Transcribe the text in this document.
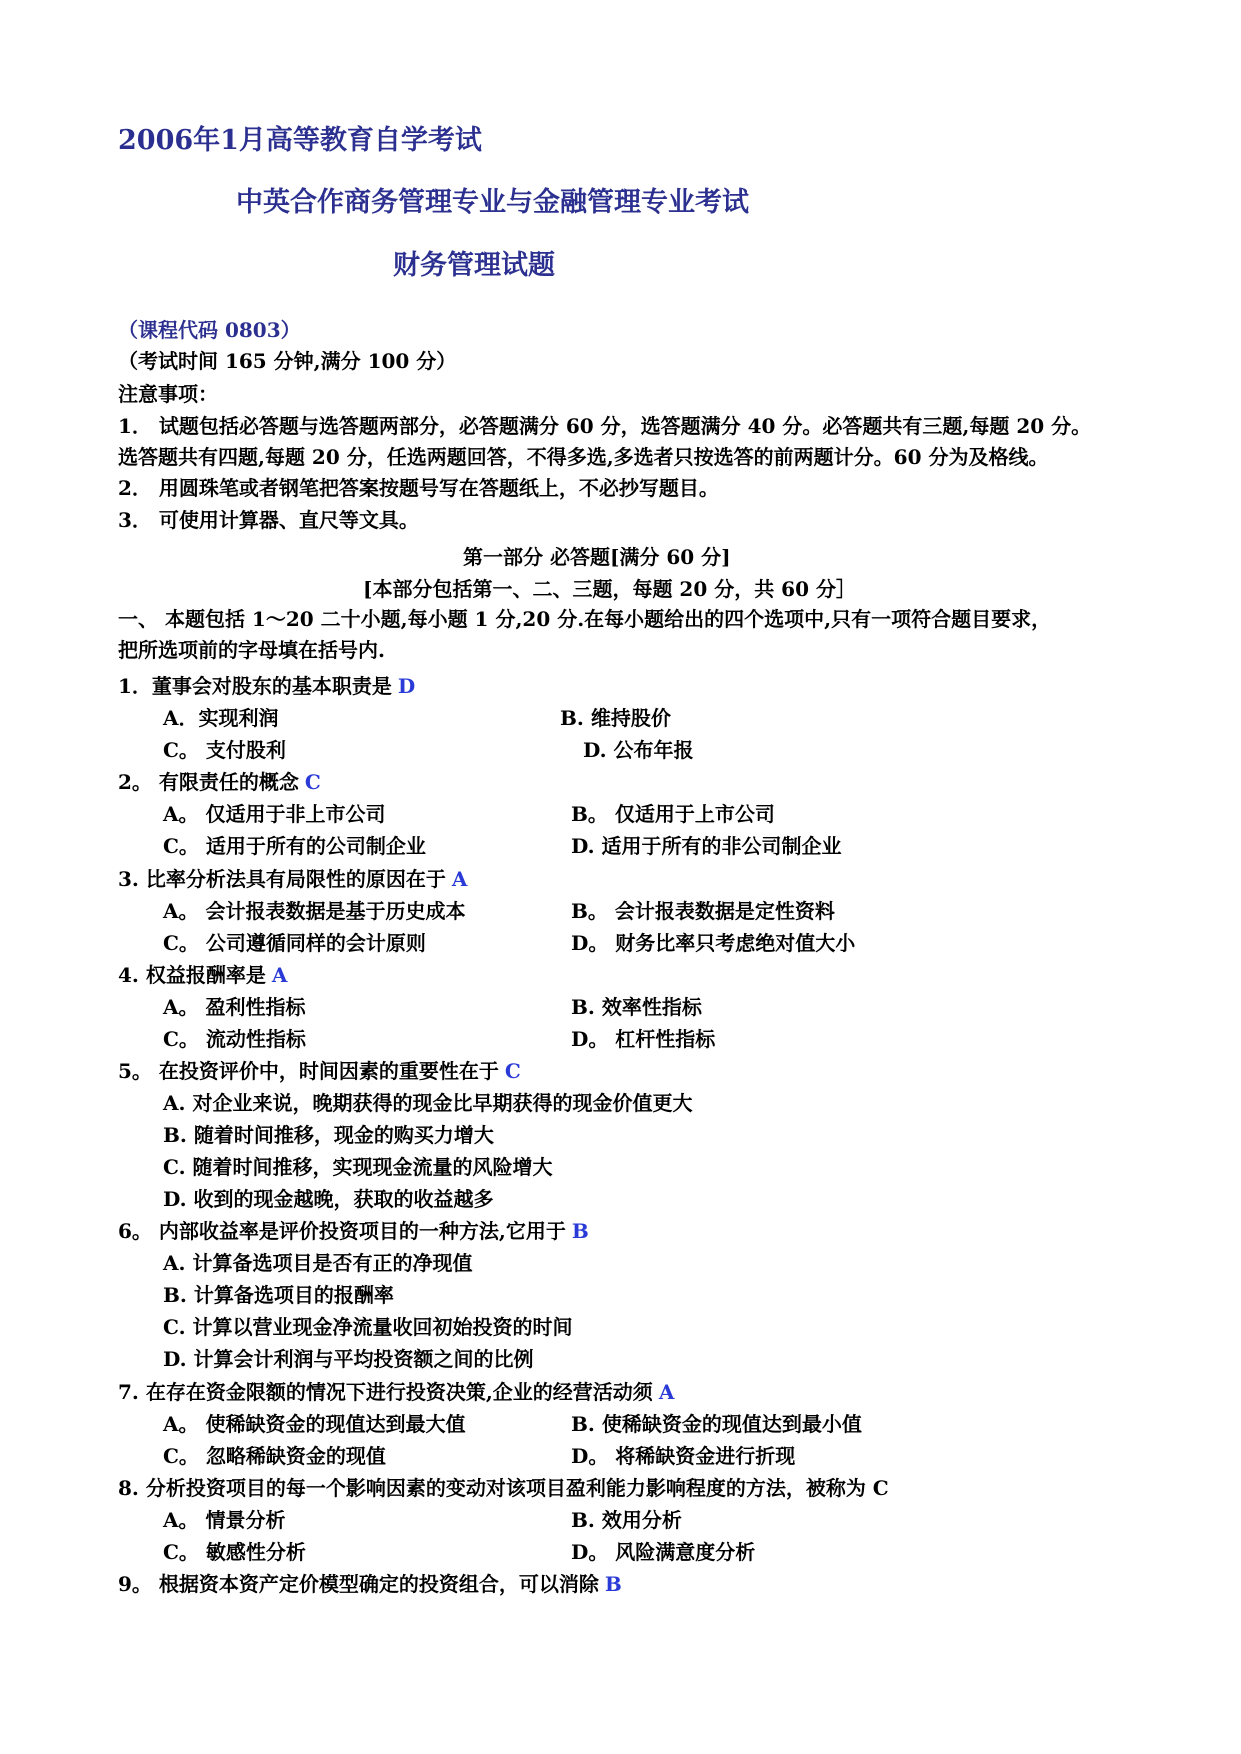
2006年1月高等教育自学考试
中英合作商务管理专业与金融管理专业考试
财务管理试题
（课程代码 0803）
（考试时间 165 分钟,满分 100 分）
注意事项：
1． 试题包括必答题与选答题两部分，必答题满分 60 分，选答题满分 40 分。必答题共有三题,每题 20 分。
选答题共有四题,每题 20 分，任选两题回答，不得多选,多选者只按选答的前两题计分。60 分为及格线。
2． 用圆珠笔或者钢笔把答案按题号写在答题纸上，不必抄写题目。
3． 可使用计算器、直尺等文具。
第一部分 必答题[满分 60 分]
[本部分包括第一、二、三题，每题 20 分，共 60 分］
一、 本题包括 1～20 二十小题,每小题 1 分,20 分.在每小题给出的四个选项中,只有一项符合题目要求，
把所选项前的字母填在括号内.
1．董事会对股东的基本职责是 D
A．实现利润	B. 维持股价
C。 支付股利	D. 公布年报
2。 有限责任的概念 C
A。 仅适用于非上市公司	B。 仅适用于上市公司
C。 适用于所有的公司制企业	D. 适用于所有的非公司制企业
3. 比率分析法具有局限性的原因在于 A
A。 会计报表数据是基于历史成本	B。 会计报表数据是定性资料
C。 公司遵循同样的会计原则	D。 财务比率只考虑绝对值大小
4. 权益报酬率是 A
A。 盈利性指标	B. 效率性指标
C。 流动性指标	D。 杠杆性指标
5。 在投资评价中，时间因素的重要性在于 C
A. 对企业来说，晚期获得的现金比早期获得的现金价值更大
B. 随着时间推移，现金的购买力增大
C. 随着时间推移，实现现金流量的风险增大
D. 收到的现金越晚，获取的收益越多
6。 内部收益率是评价投资项目的一种方法,它用于 B
A. 计算备选项目是否有正的净现值
B. 计算备选项目的报酬率
C. 计算以营业现金净流量收回初始投资的时间
D. 计算会计利润与平均投资额之间的比例
7. 在存在资金限额的情况下进行投资决策,企业的经营活动须 A
A。 使稀缺资金的现值达到最大值	B. 使稀缺资金的现值达到最小值
C。 忽略稀缺资金的现值	D。 将稀缺资金进行折现
8. 分析投资项目的每一个影响因素的变动对该项目盈利能力影响程度的方法，被称为 C
A。 情景分析	B. 效用分析
C。 敏感性分析	D。 风险满意度分析
9。 根据资本资产定价模型确定的投资组合，可以消除 B
